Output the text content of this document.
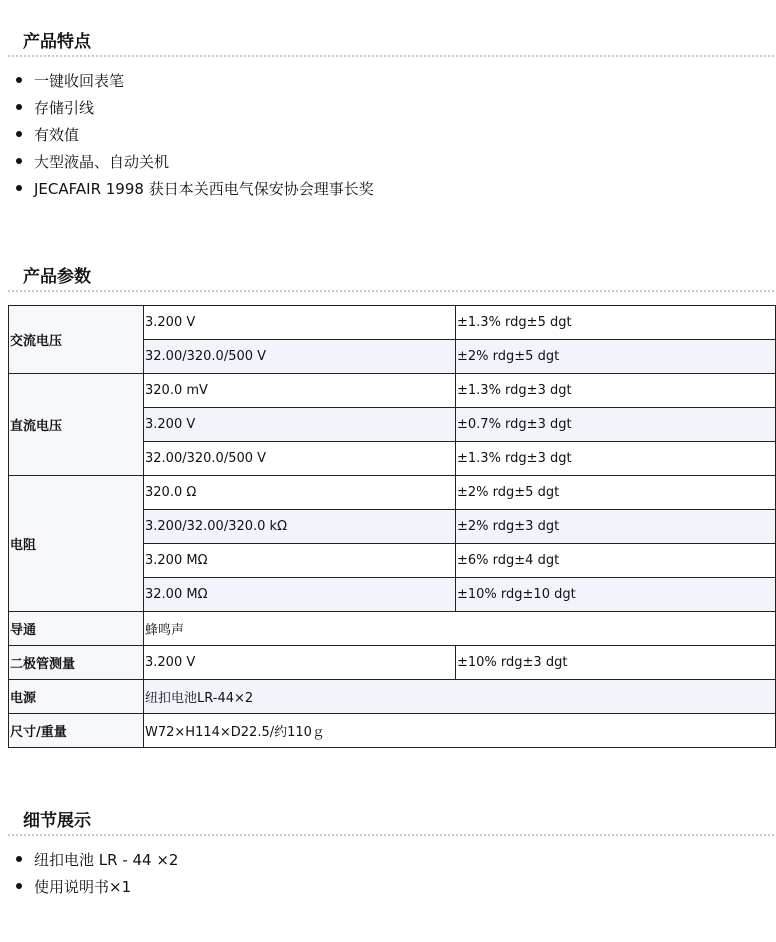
产品特点
一键收回表笔
存储引线
有效值
大型液晶、自动关机
JECAFAIR 1998 获日本关西电气保安协会理事长奖
产品参数
交流电压	3.200 V	±1.3% rdg±5 dgt
	32.00/320.0/500 V	±2% rdg±5 dgt
直流电压	320.0 mV	±1.3% rdg±3 dgt
	3.200 V	±0.7% rdg±3 dgt
	32.00/320.0/500 V	±1.3% rdg±3 dgt
电阻	320.0 Ω	±2% rdg±5 dgt
	3.200/32.00/320.0 kΩ	±2% rdg±3 dgt
	3.200 MΩ	±6% rdg±4 dgt
	32.00 MΩ	±10% rdg±10 dgt
导通	蜂鸣声	
二极管测量	3.200 V	±10% rdg±3 dgt
电源	纽扣电池LR-44×2	
尺寸/重量	W72×H114×D22.5/约110ｇ	
细节展示
纽扣电池 LR - 44 ×2
使用说明书×1
